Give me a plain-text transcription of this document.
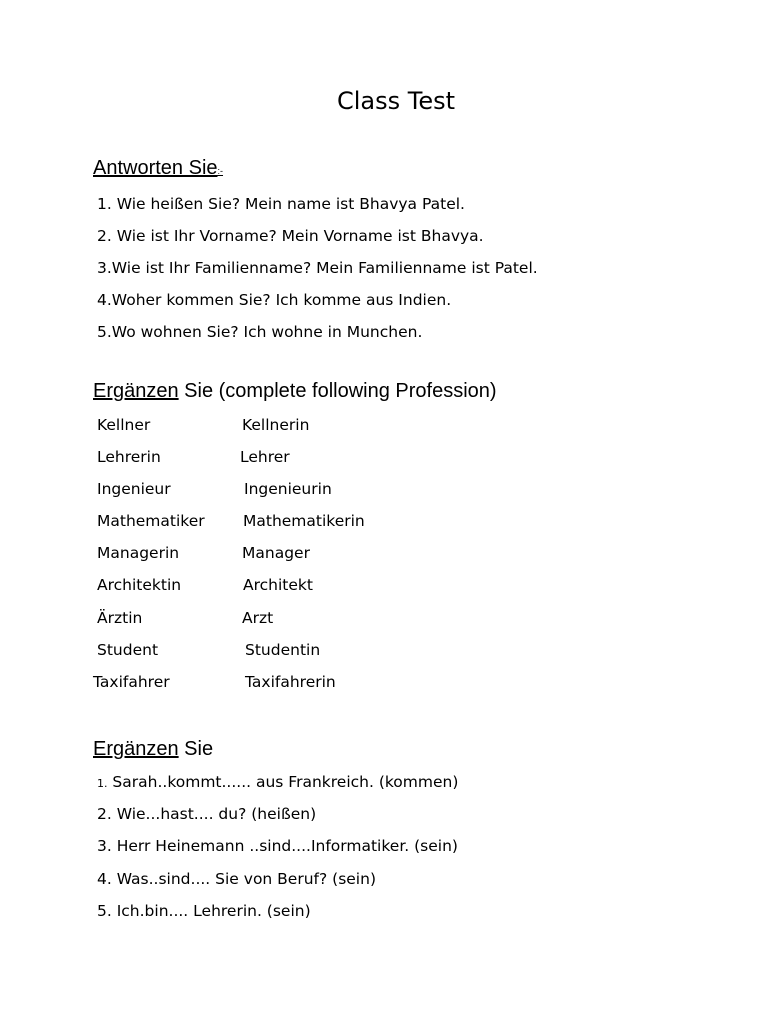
Class Test
Antworten Sie:-
1. Wie heißen Sie? Mein name ist Bhavya Patel.
2. Wie ist Ihr Vorname? Mein Vorname ist Bhavya.
3.Wie ist Ihr Familienname? Mein Familienname ist Patel.
4.Woher kommen Sie? Ich komme aus Indien.
5.Wo wohnen Sie? Ich wohne in Munchen.
Ergänzen Sie (complete following Profession)
Kellner	Kellnerin
Lehrerin	Lehrer
Ingenieur	Ingenieurin
Mathematiker Mathematikerin
Managerin	Manager
Architektin	Architekt
Ärztin	Arzt
Student	Studentin
Taxifahrer	Taxifahrerin
Ergänzen Sie
1. Sarah..kommt...... aus Frankreich. (kommen)
2. Wie...hast.... du? (heißen)
3. Herr Heinemann ..sind....Informatiker. (sein)
4. Was..sind.... Sie von Beruf? (sein)
5. Ich.bin.... Lehrerin. (sein)
